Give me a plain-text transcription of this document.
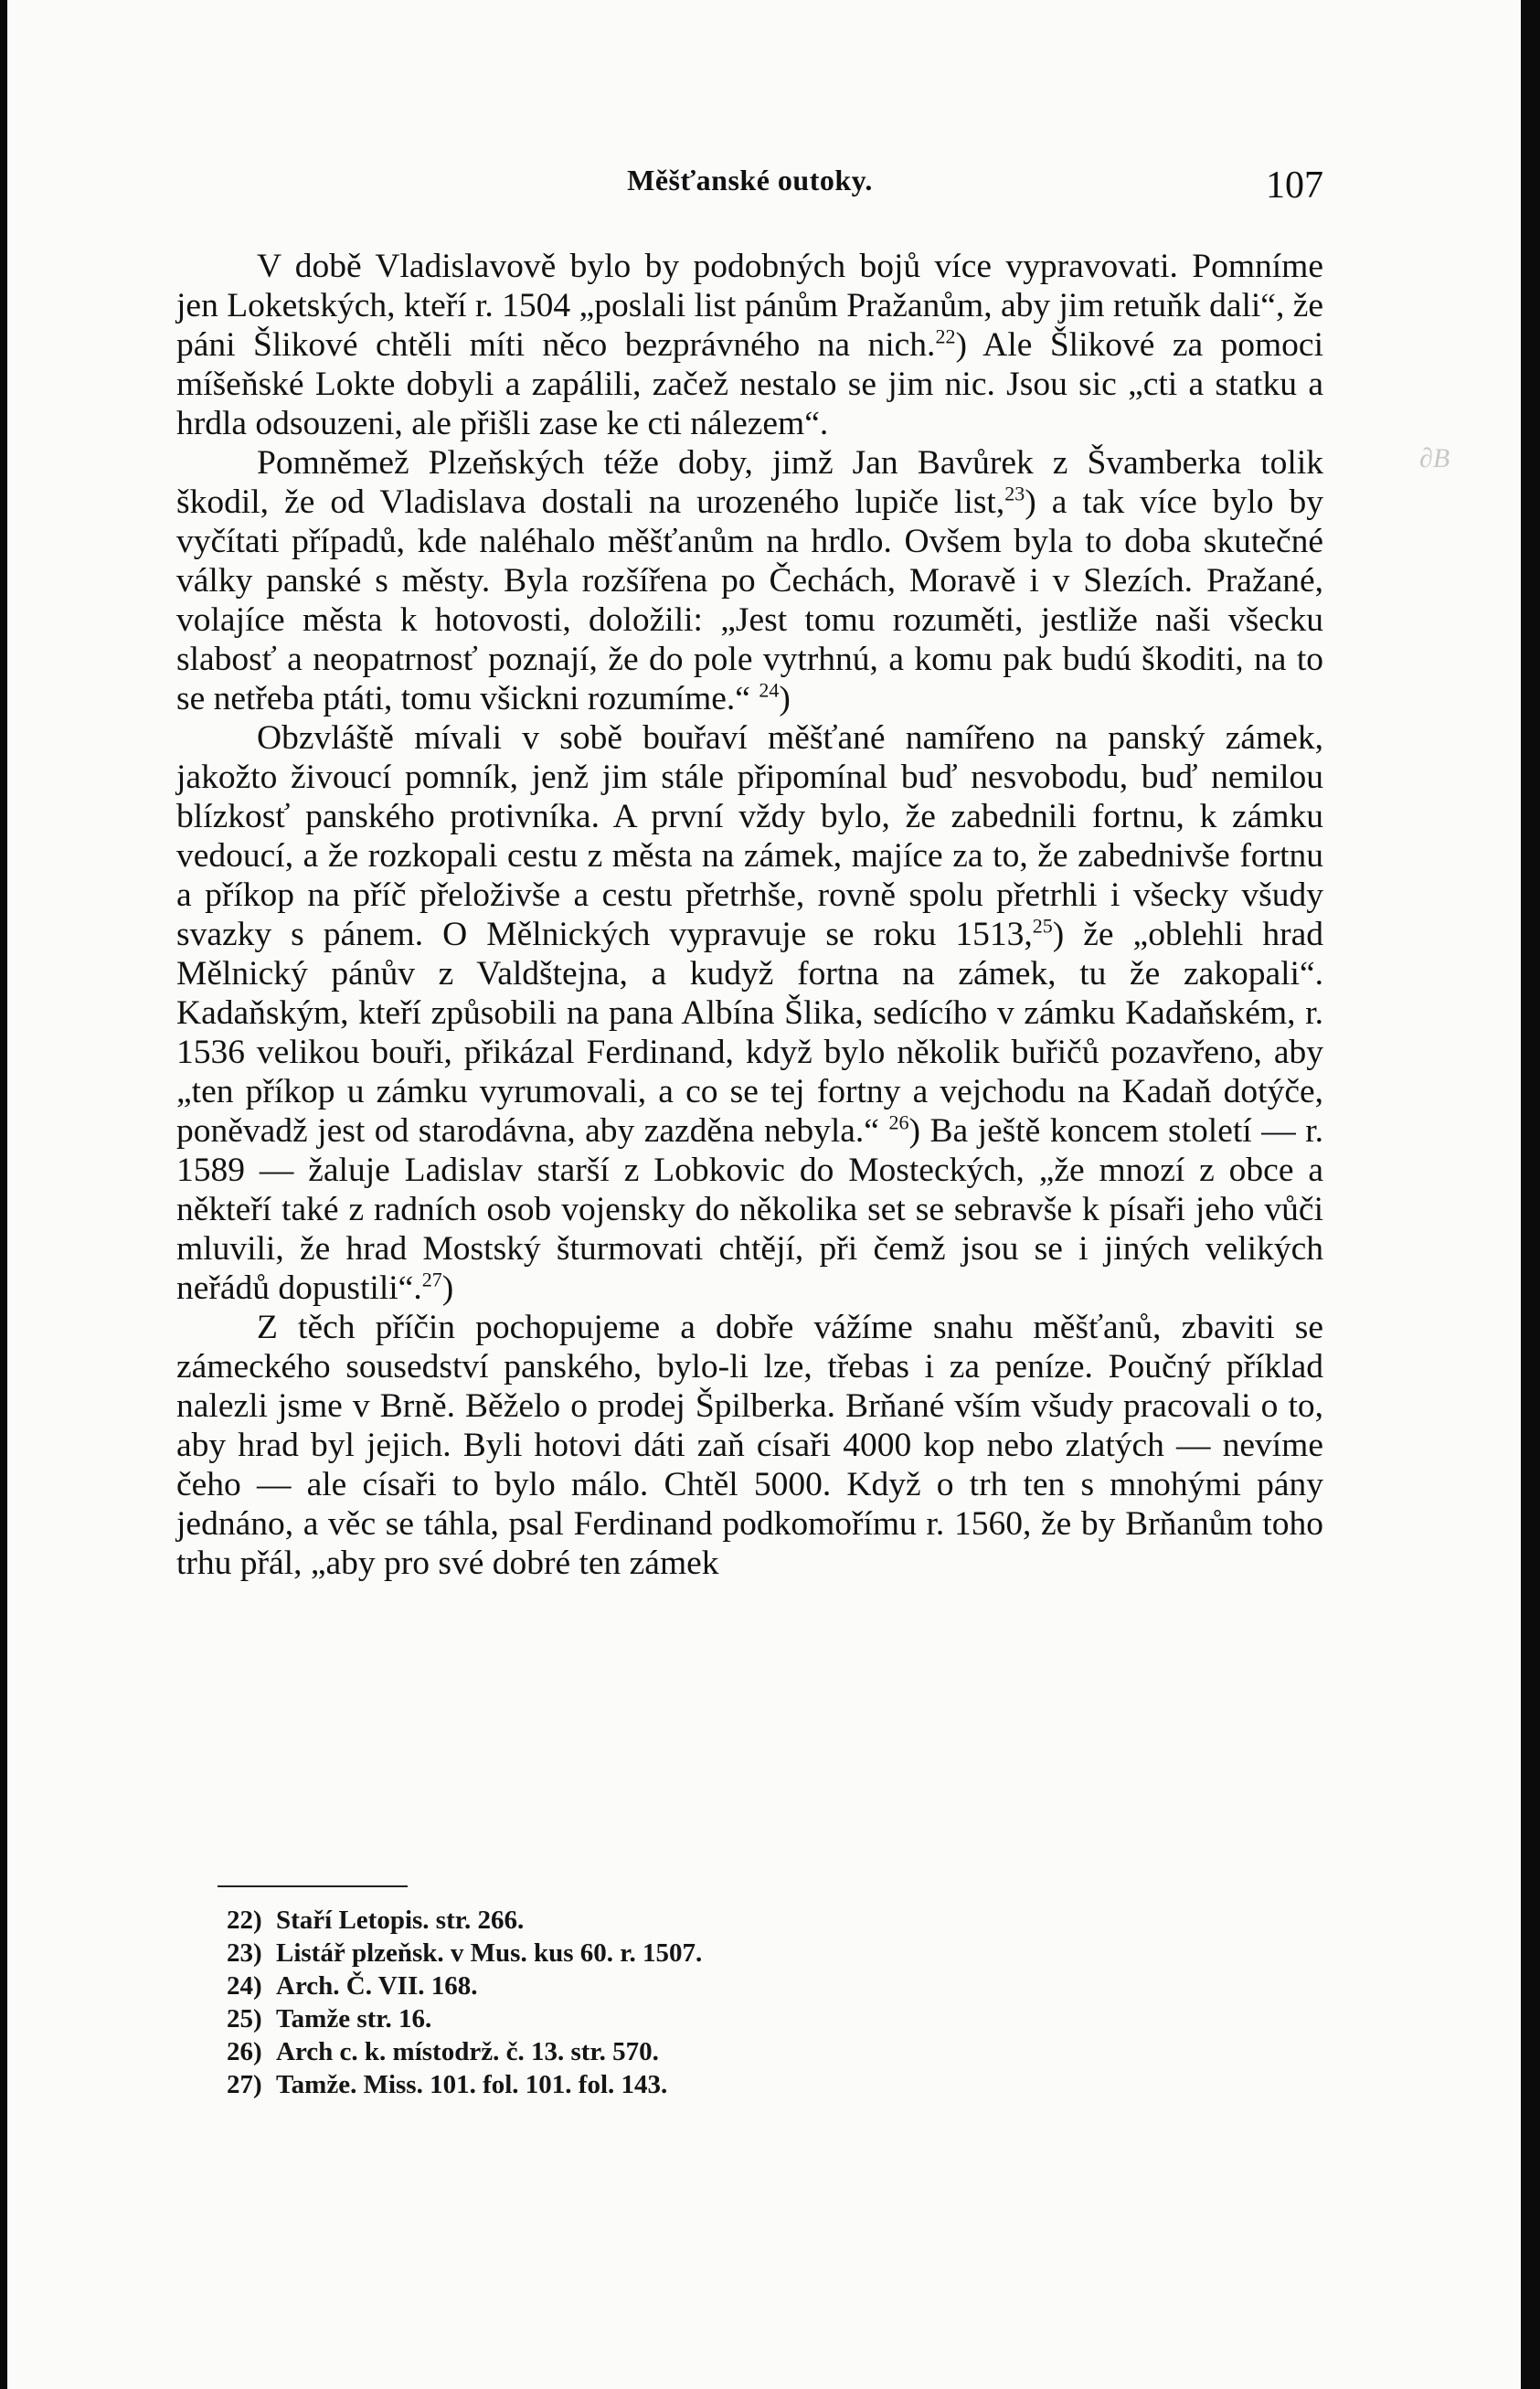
∂B
Měšťanské outoky.	107

V době Vladislavově bylo by podobných bojů více vypravovati. Pomníme jen Loketských, kteří r. 1504 „poslali list pánům Pražanům, aby jim retuňk dali“, že páni Šlikové chtěli míti něco bezprávného na nich.$^{22}$) Ale Šlikové za pomoci míšeňské Lokte dobyli a zapálili, začež nestalo se jim nic. Jsou sic „cti a statku a hrdla odsouzeni, ale přišli zase ke cti nálezem“.

Pomněmež Plzeňských téže doby, jimž Jan Bavůrek z Švamberka tolik škodil, že od Vladislava dostali na urozeného lupiče list,$^{23}$) a tak více bylo by vyčítati případů, kde naléhalo měšťanům na hrdlo. Ovšem byla to doba skutečné války panské s městy. Byla rozšířena po Čechách, Moravě i v Slezích. Pražané, volajíce města k hotovosti, doložili: „Jest tomu rozuměti, jestliže naši všecku slabosť a neopatrnosť poznají, že do pole vytrhnú, a komu pak budú škoditi, na to se netřeba ptáti, tomu všickni rozumíme.“ $^{24}$)

Obzvláště mívali v sobě bouřaví měšťané namířeno na panský zámek, jakožto živoucí pomník, jenž jim stále připomínal buď nesvobodu, buď nemilou blízkosť panského protivníka. A první vždy bylo, že zabednili fortnu, k zámku vedoucí, a že rozkopali cestu z města na zámek, majíce za to, že zabednivše fortnu a příkop na příč přeloživše a cestu přetrhše, rovně spolu přetrhli i všecky všudy svazky s pánem. O Mělnických vypravuje se roku 1513,25) že „oblehli hrad Mělnický pánův z Valdštejna, a kudyž fortna na zámek, tu že zakopali“. Kadaňským, kteří způsobili na pana Albína Šlika, sedícího v zámku Kadaňském, r. 1536 velikou bouři, přikázal Ferdinand, když bylo několik buřičů pozavřeno, aby „ten příkop u zámku vyrumovali, a co se tej fortny a vejchodu na Kadaň dotýče, poněvadž jest od starodávna, aby zazděna nebyla.“ $^{26}$) Ba ještě koncem století — r. 1589 — žaluje Ladislav starší z Lobkovic do Mosteckých, „že mnozí z obce a někteří také z radních osob vojensky do několika set se sebravše k písaři jeho vůči mluvili, že hrad Mostský šturmovati chtějí, při čemž jsou se i jiných velikých neřádů dopustili“.$^{27}$)

Z těch příčin pochopujeme a dobře vážíme snahu měšťanů, zbaviti se zámeckého sousedství panského, bylo-li lze, třebas i za peníze. Poučný příklad nalezli jsme v Brně. Běželo o prodej Špilberka. Brňané vším všudy pracovali o to, aby hrad byl jejich. Byli hotovi dáti zaň císaři 4000 kop nebo zlatých — nevíme čeho — ale císaři to bylo málo. Chtěl 5000. Když o trh ten s mnohými pány jednáno, a věc se táhla, psal Ferdinand podkomořímu r. 1560, že by Brňanům toho trhu přál, „aby pro své dobré ten zámek

22) Staří Letopis. str. 266.
23) Listář plzeňsk. v Mus. kus 60. r. 1507.
24) Arch. Č. VII. 168.
25) Tamže str. 16.
26) Arch c. k. místodrž. č. 13. str. 570.
27) Tamže. Miss. 101. fol. 101. fol. 143.
